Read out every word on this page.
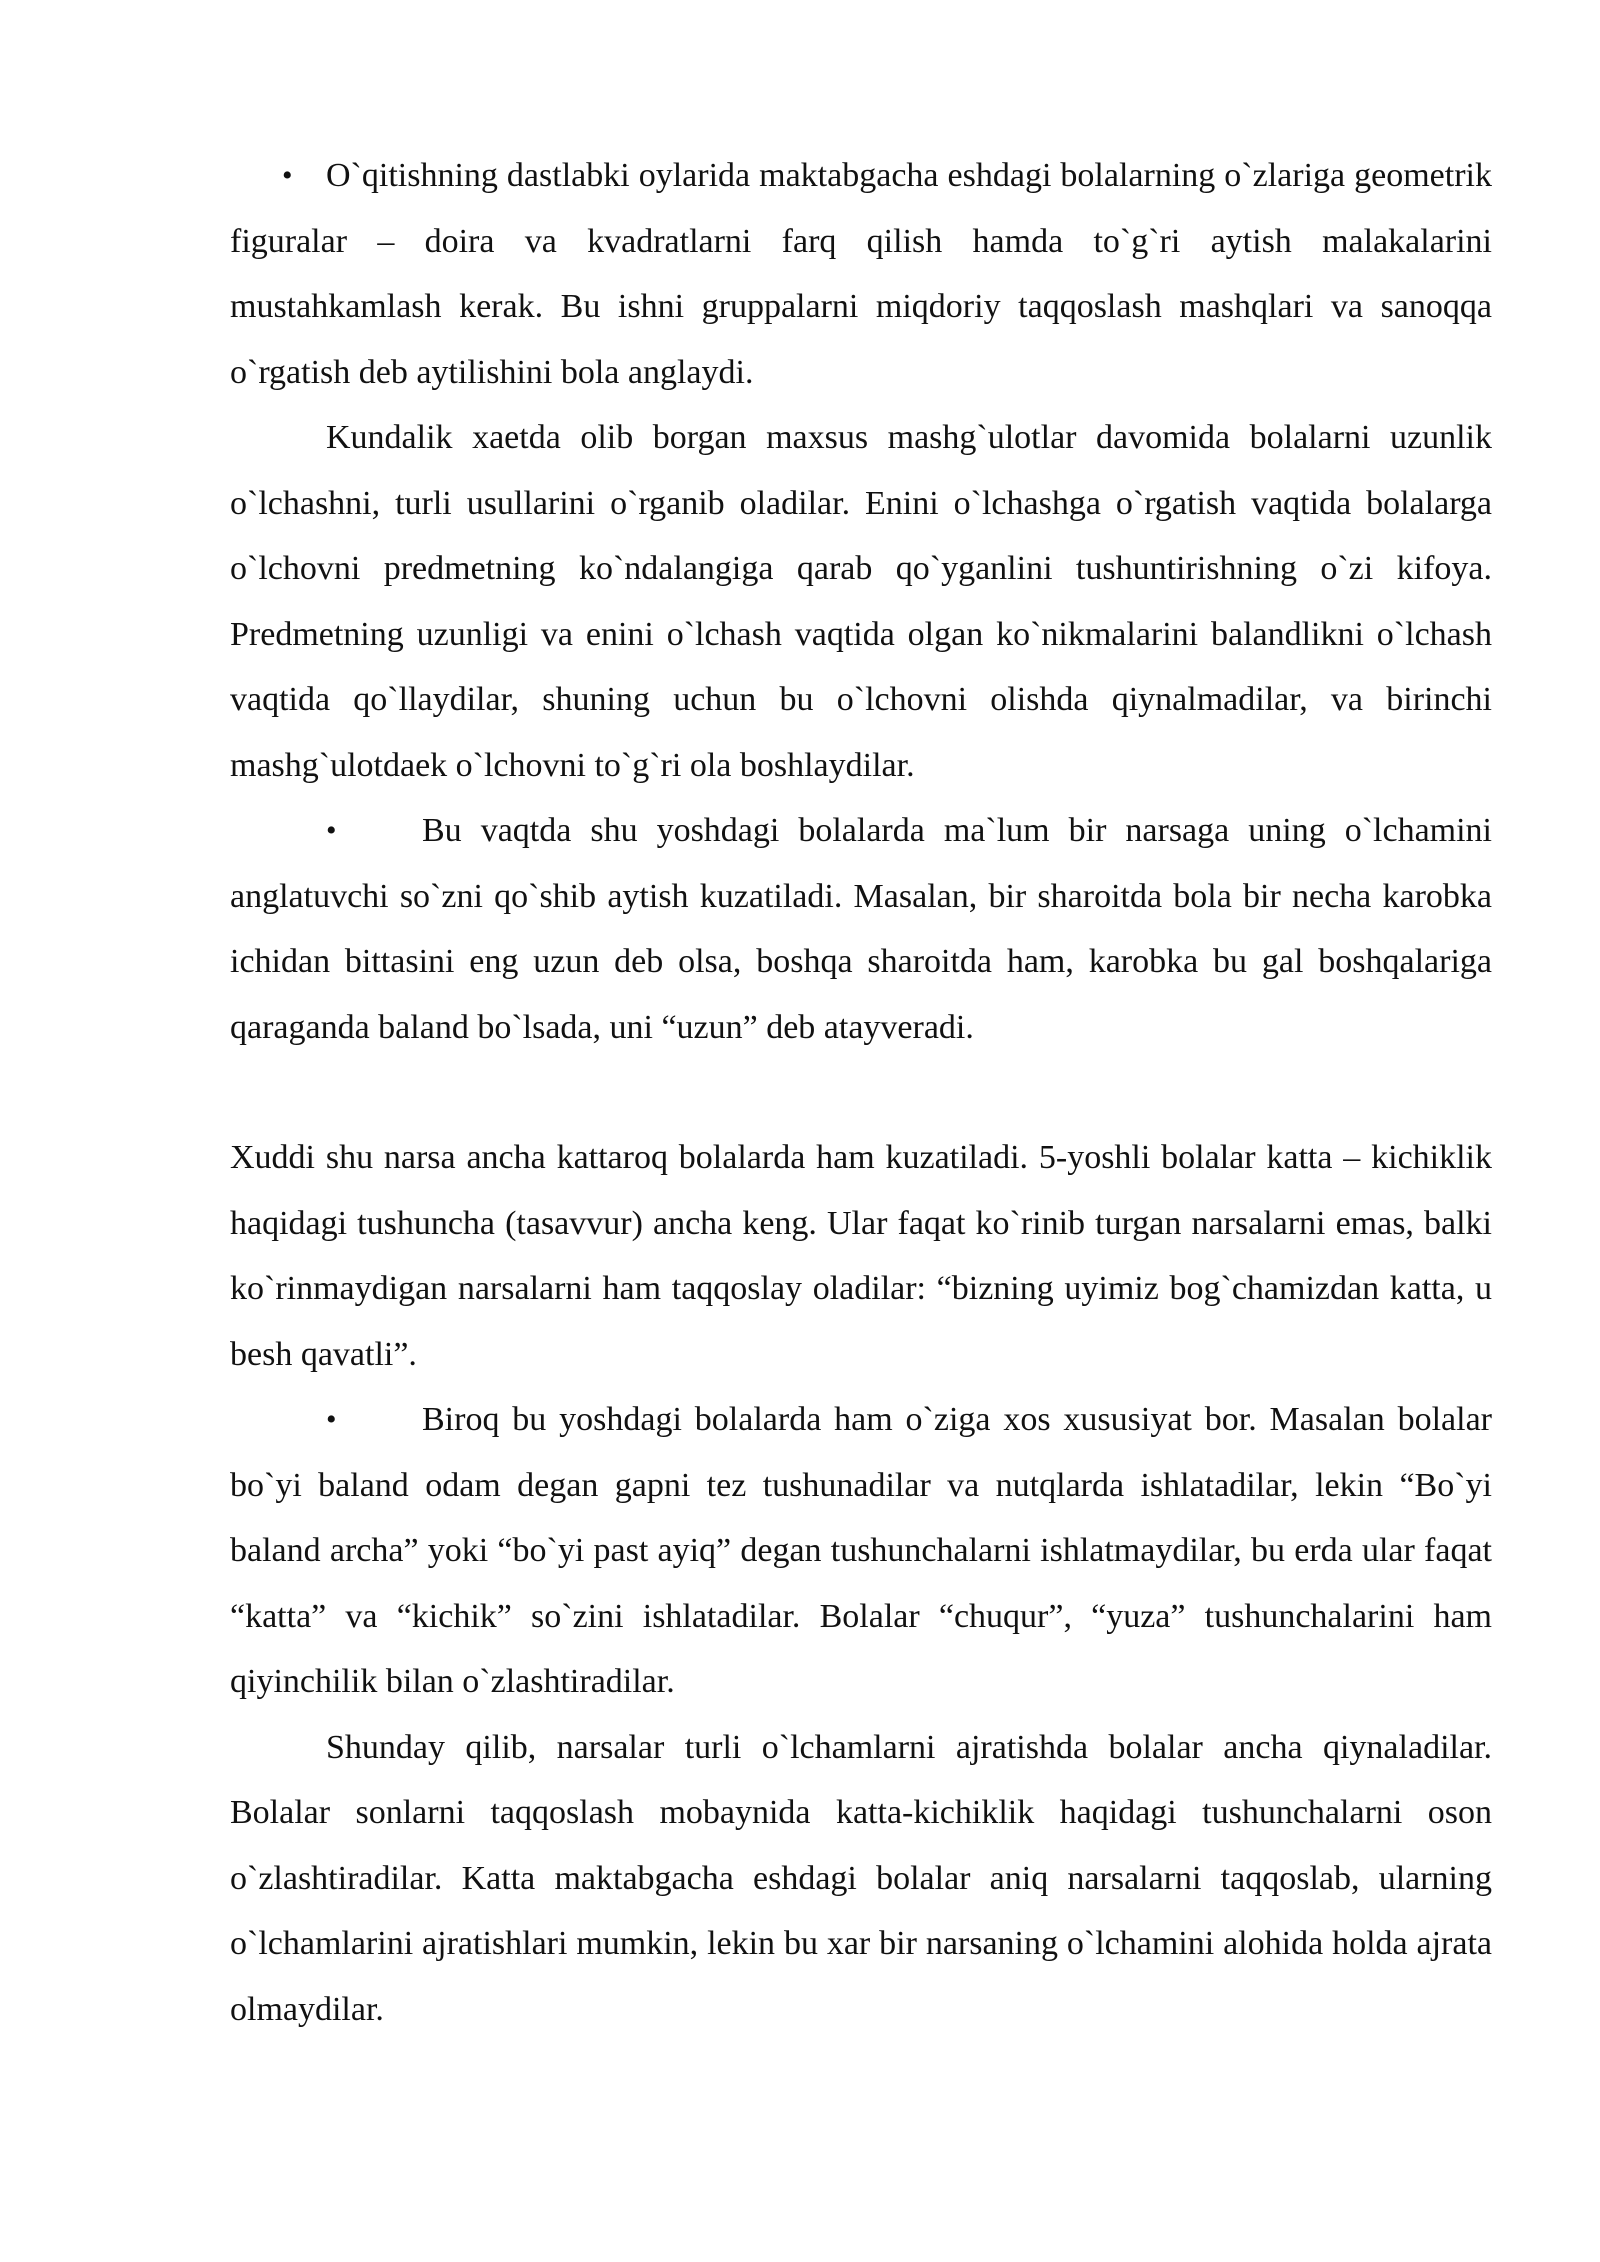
• O`qitishning dastlabki oylarida maktabgacha eshdagi bolalarning o`zlariga geometrik figuralar – doira va kvadratlarni farq qilish hamda to`g`ri aytish malakalarini mustahkamlash kerak. Bu ishni gruppalarni miqdoriy taqqoslash mashqlari va sanoqqa o`rgatish deb aytilishini bola anglaydi.

Kundalik xaetda olib borgan maxsus mashg`ulotlar davomida bolalarni uzunlik o`lchashni, turli usullarini o`rganib oladilar. Enini o`lchashga o`rgatish vaqtida bolalarga o`lchovni predmetning ko`ndalangiga qarab qo`yganlini tushuntirishning o`zi kifoya. Predmetning uzunligi va enini o`lchash vaqtida olgan ko`nikmalarini balandlikni o`lchash vaqtida qo`llaydilar, shuning uchun bu o`lchovni olishda qiynalmadilar, va birinchi mashg`ulotdaek o`lchovni to`g`ri ola boshlaydilar.

•	Bu vaqtda shu yoshdagi bolalarda ma`lum bir narsaga uning o`lchamini anglatuvchi so`zni qo`shib aytish kuzatiladi. Masalan, bir sharoitda bola bir necha karobka ichidan bittasini eng uzun deb olsa, boshqa sharoitda ham, karobka bu gal boshqalariga qaraganda baland bo`lsada, uni “uzun” deb atayveradi.

Xuddi shu narsa ancha kattaroq bolalarda ham kuzatiladi. 5-yoshli bolalar katta – kichiklik haqidagi tushuncha (tasavvur) ancha keng. Ular faqat ko`rinib turgan narsalarni emas, balki ko`rinmaydigan narsalarni ham taqqoslay oladilar: “bizning uyimiz bog`chamizdan katta, u besh qavatli”.

•	Biroq bu yoshdagi bolalarda ham o`ziga xos xususiyat bor. Masalan bolalar bo`yi baland odam degan gapni tez tushunadilar va nutqlarda ishlatadilar, lekin “Bo`yi baland archa” yoki “bo`yi past ayiq” degan tushunchalarni ishlatmaydilar, bu erda ular faqat “katta” va “kichik” so`zini ishlatadilar. Bolalar “chuqur”, “yuza” tushunchalarini ham qiyinchilik bilan o`zlashtiradilar.

Shunday qilib, narsalar turli o`lchamlarni ajratishda bolalar ancha qiynaladilar. Bolalar sonlarni taqqoslash mobaynida katta-kichiklik haqidagi tushunchalarni oson o`zlashtiradilar. Katta maktabgacha eshdagi bolalar aniq narsalarni taqqoslab, ularning o`lchamlarini ajratishlari mumkin, lekin bu xar bir narsaning o`lchamini alohida holda ajrata olmaydilar.
